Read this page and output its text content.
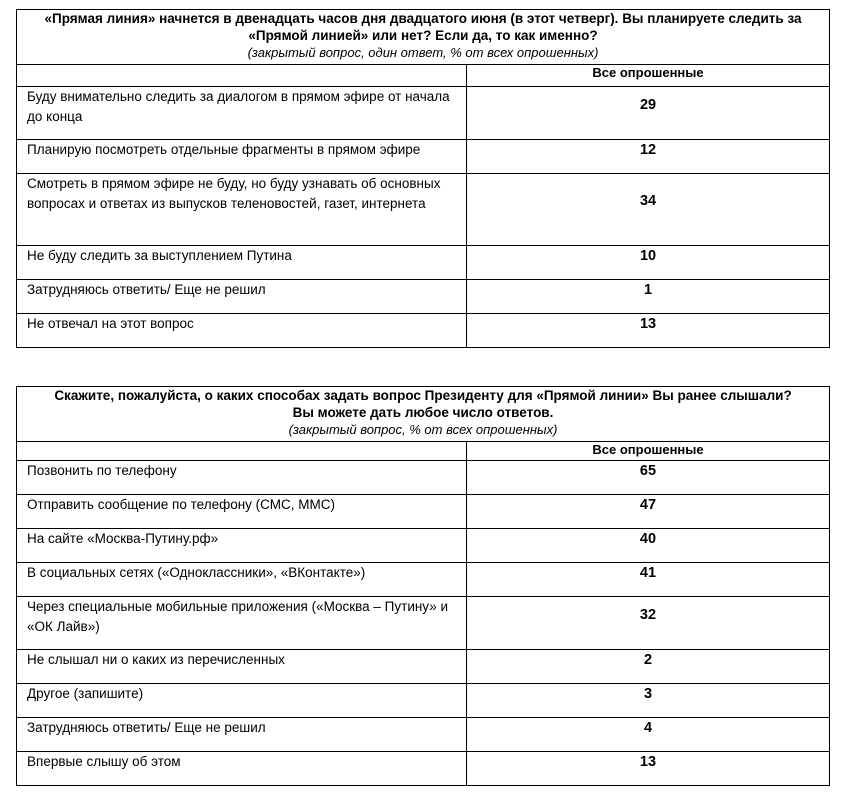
«Прямая линия» начнется в двенадцать часов дня двадцатого июня (в этот четверг). Вы планируете следить за «Прямой линией» или нет? Если да, то как именно?
(закрытый вопрос, один ответ, % от всех опрошенных)	

	Все опрошенные
Буду внимательно следить за диалогом в прямом эфире от начала до конца	29

Планирую посмотреть отдельные фрагменты в прямом эфире	12

Смотреть в прямом эфире не буду, но буду узнавать об основных вопросах и ответах из выпусков теленовостей, газет, интернета	34

Не буду следить за выступлением Путина	10

Затрудняюсь ответить/ Еще не решил	1

Не отвечал на этот вопрос	13
Скажите, пожалуйста, о каких способах задать вопрос Президенту для «Прямой линии» Вы ранее слышали?
Вы можете дать любое число ответов.
(закрытый вопрос, % от всех опрошенных)	

	Все опрошенные
Позвонить по телефону	65

Отправить сообщение по телефону (СМС, ММС)	47

На сайте «Москва-Путину.рф»	40

В социальных сетях («Одноклассники», «ВКонтакте»)	41

Через специальные мобильные приложения («Москва – Путину» и «ОК Лайв»)	32

Не слышал ни о каких из перечисленных	2

Другое (запишите)	3

Затрудняюсь ответить/ Еще не решил	4

Впервые слышу об этом	13
